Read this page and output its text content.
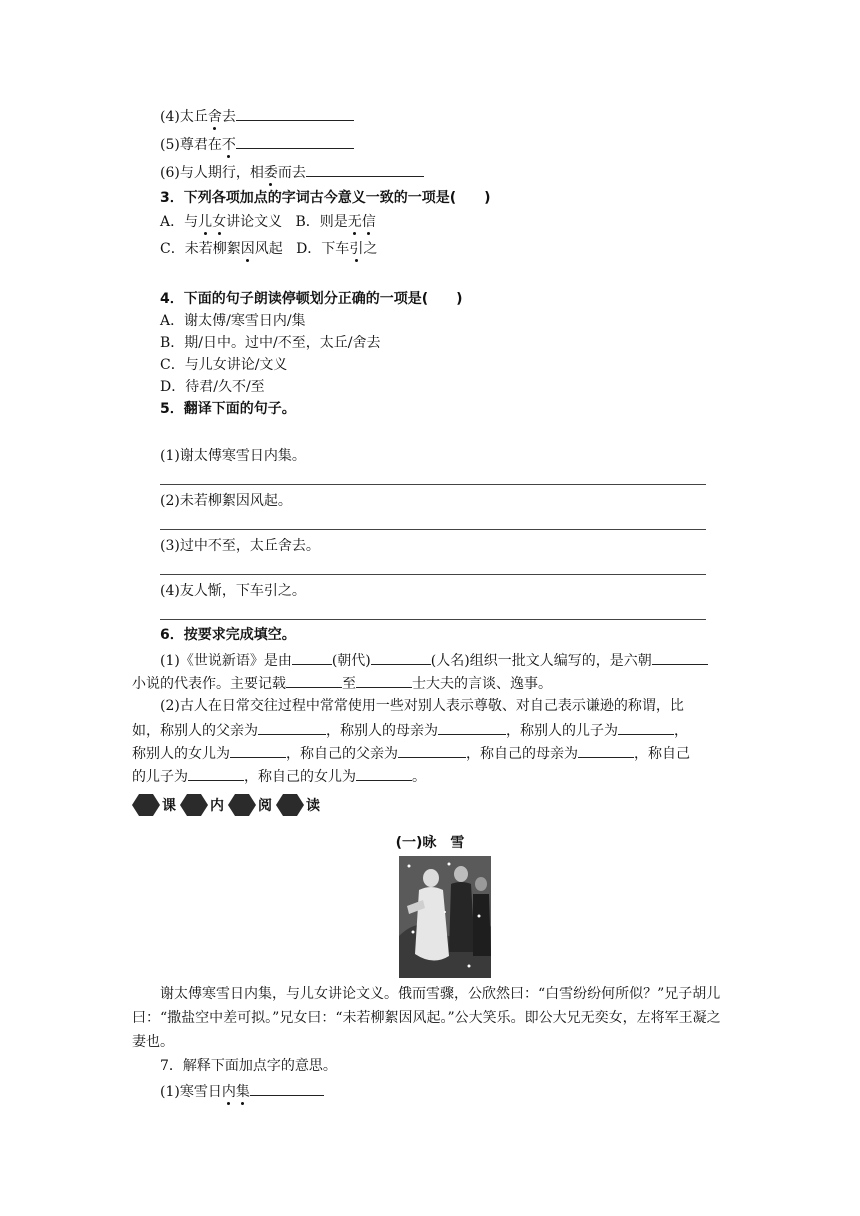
(4)太丘舍去
(5)尊君在不
(6)与人期行，相委而去
3．下列各项加点的字词古今意义一致的一项是(　　)
A．与儿女讲论文义 B．则是无信
C．未若柳絮因风起 D．下车引之
4．下面的句子朗读停顿划分正确的一项是(　　)
A．谢太傅/寒雪日内/集
B．期/日中。过中/不至，太丘/舍去
C．与儿女讲论/文义
D．待君/久不/至
5．翻译下面的句子。
(1)谢太傅寒雪日内集。
(2)未若柳絮因风起。
(3)过中不至，太丘舍去。
(4)友人惭，下车引之。
6．按要求完成填空。
(1)《世说新语》是由	(朝代)	(人名)组织一批文人编写的，是六朝
小说的代表作。主要记载	至	士大夫的言谈、逸事。
(2)古人在日常交往过程中常常使用一些对别人表示尊敬、对自己表示谦逊的称谓，比
如，称别人的父亲为	，称别人的母亲为	，称别人的儿子为	，
称别人的女儿为	，称自己的父亲为	，称自己的母亲为	，称自己
的儿子为	，称自己的女儿为	。
课 内 阅 读
(一)咏　雪
谢太傅寒雪日内集，与儿女讲论文义。俄而雪骤，公欣然曰：“白雪纷纷何所似？”兄子胡儿曰：“撒盐空中差可拟。”兄女曰：“未若柳絮因风起。”公大笑乐。即公大兄无奕女，左将军王凝之妻也。
7．解释下面加点字的意思。
(1)寒雪日内集
